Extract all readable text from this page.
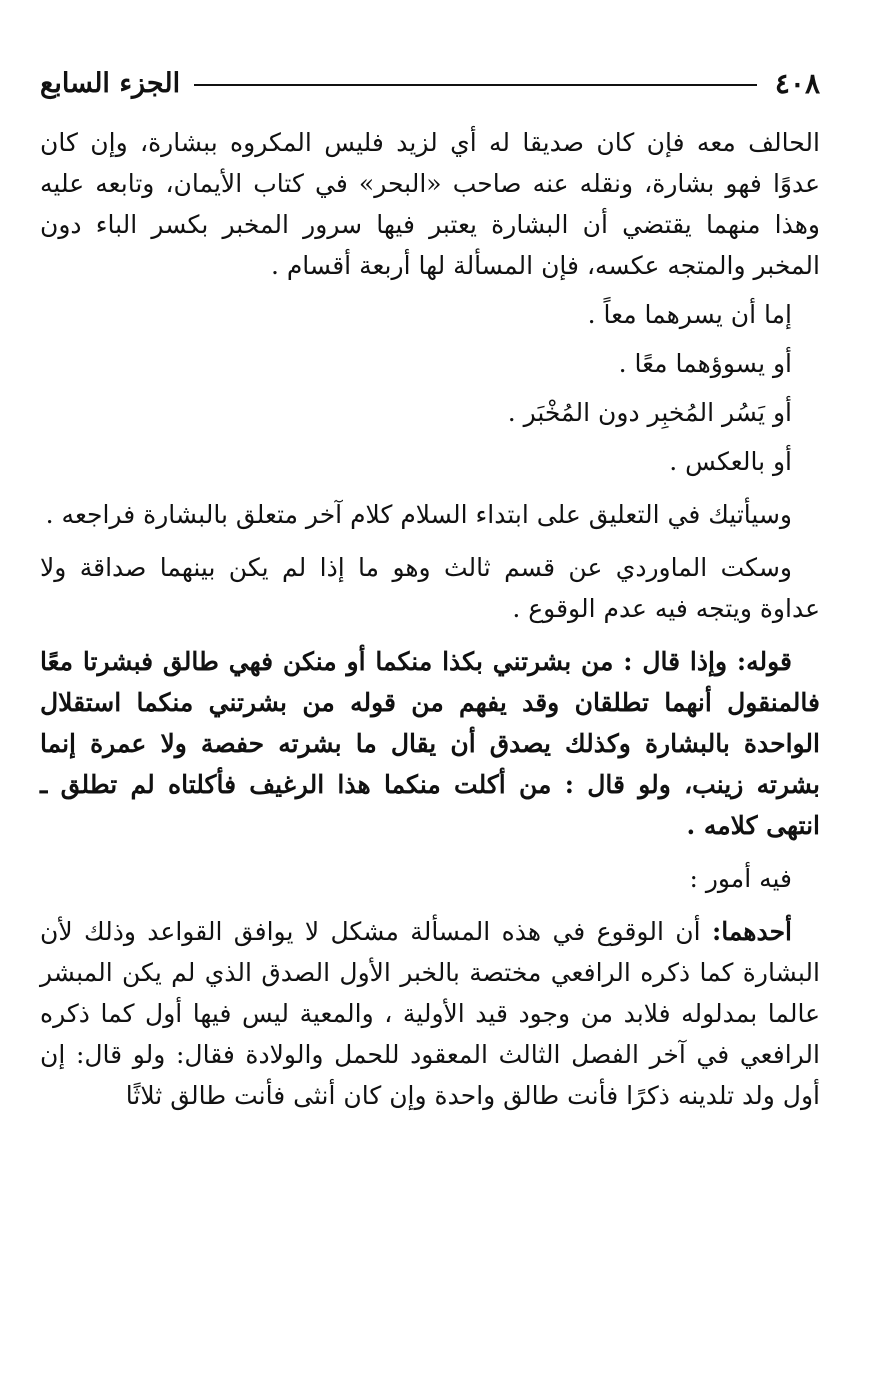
٤٠٨
الجزء السابع

الحالف معه فإن كان صديقا له أي لزيد فليس المكروه ببشارة، وإن كان عدوًا فهو بشارة، ونقله عنه صاحب «البحر» في كتاب الأيمان، وتابعه عليه وهذا منهما يقتضي أن البشارة يعتبر فيها سرور المخبر بكسر الباء دون المخبر والمتجه عكسه، فإن المسألة لها أربعة أقسام .

إما أن يسرهما معاً .
أو يسوؤهما معًا .
أو يَسُر المُخبِر دون المُخْبَر .
أو بالعكس .

وسيأتيك في التعليق على ابتداء السلام كلام آخر متعلق بالبشارة فراجعه .

وسكت الماوردي عن قسم ثالث وهو ما إذا لم يكن بينهما صداقة ولا عداوة ويتجه فيه عدم الوقوع .

قوله: وإذا قال : من بشرتني بكذا منكما أو منكن فهي طالق فبشرتا معًا فالمنقول أنهما تطلقان وقد يفهم من قوله من بشرتني منكما استقلال الواحدة بالبشارة وكذلك يصدق أن يقال ما بشرته حفصة ولا عمرة إنما بشرته زينب، ولو قال : من أكلت منكما هذا الرغيف فأكلتاه لم تطلق ـ انتهى كلامه .

فيه أمور :

أحدهما: أن الوقوع في هذه المسألة مشكل لا يوافق القواعد وذلك لأن البشارة كما ذكره الرافعي مختصة بالخبر الأول الصدق الذي لم يكن المبشر عالما بمدلوله فلابد من وجود قيد الأولية ، والمعية ليس فيها أول كما ذكره الرافعي في آخر الفصل الثالث المعقود للحمل والولادة فقال: ولو قال: إن أول ولد تلدينه ذكرًا فأنت طالق واحدة وإن كان أنثى فأنت طالق ثلاثًا
